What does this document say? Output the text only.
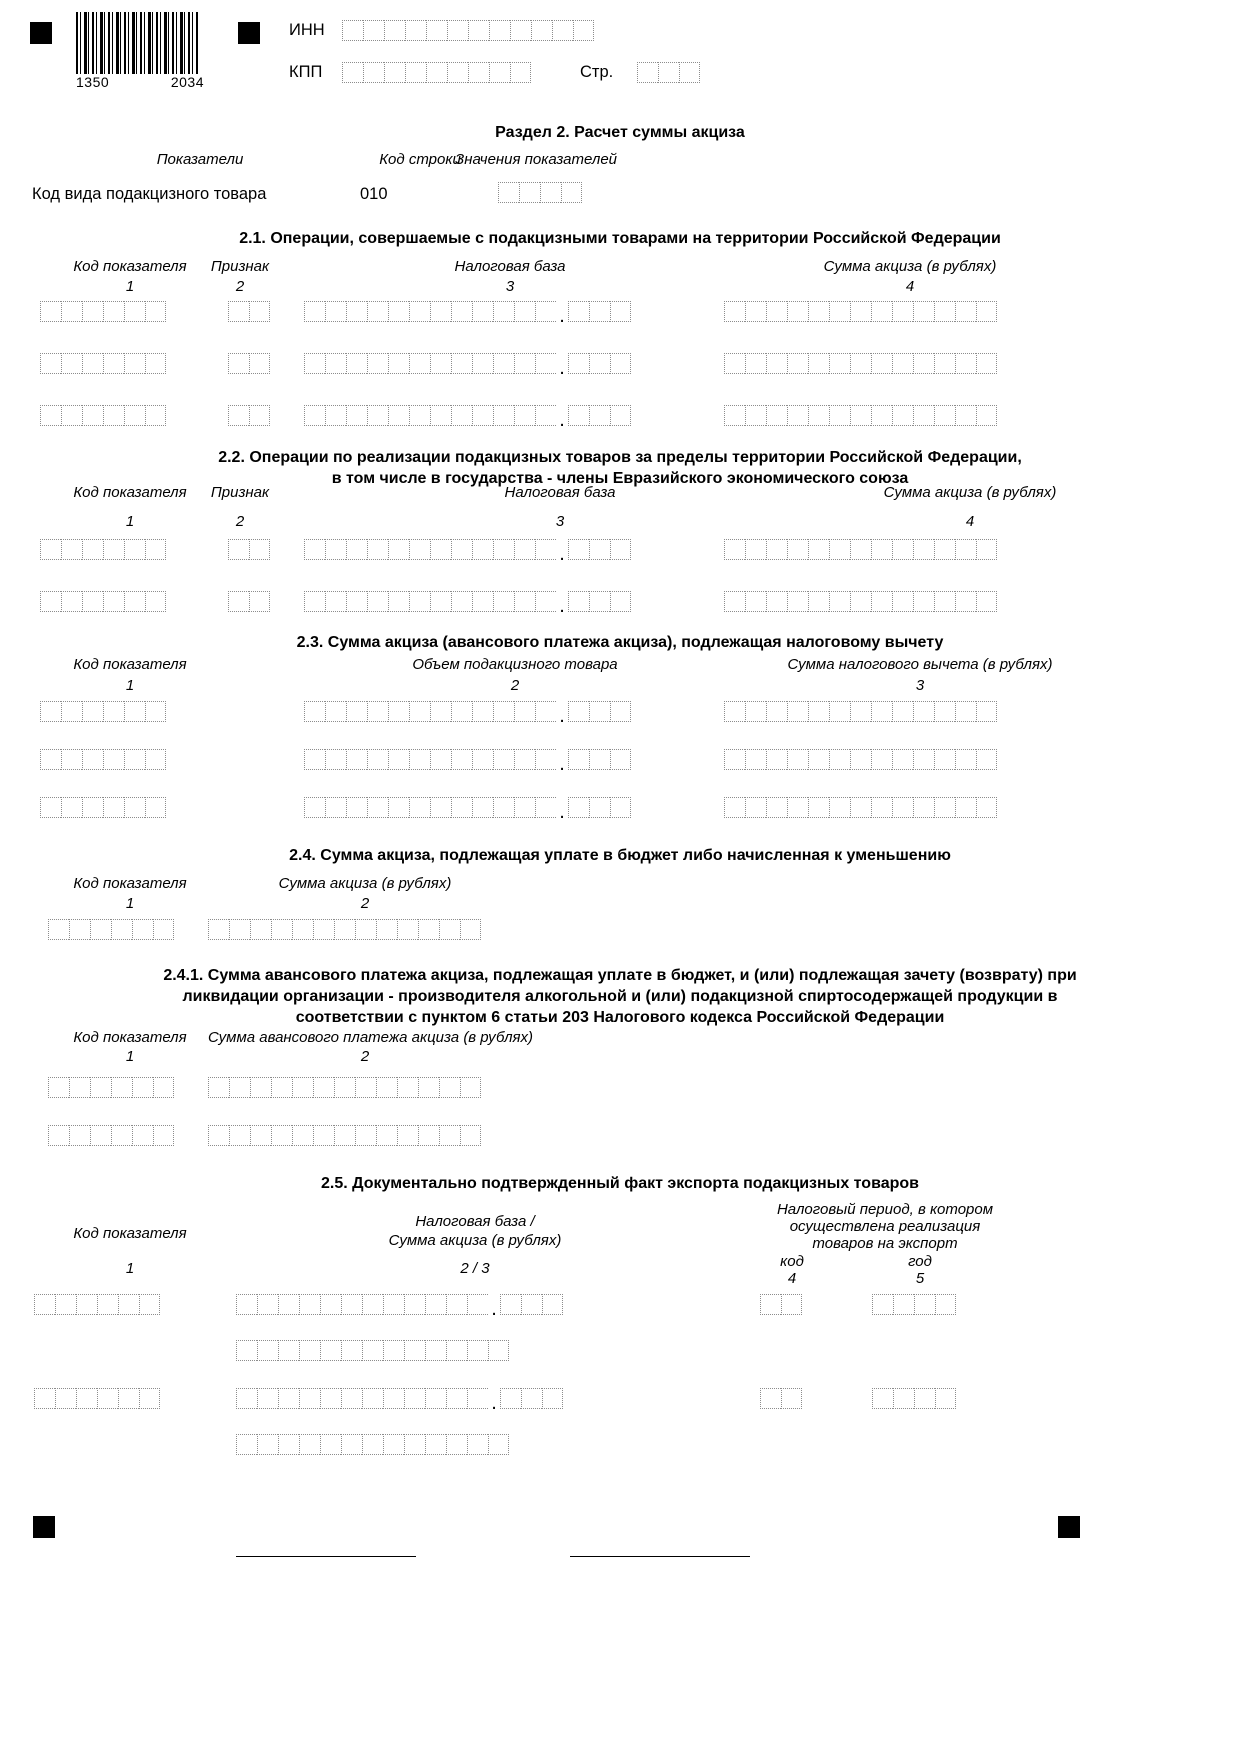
1350	2034
ИНН
КПП	Стр.
Раздел 2. Расчет суммы акциза
Показатели	Код строки
Значения показателей
Код вида подакцизного товара	010
2.1. Операции, совершаемые с подакцизными товарами на территории Российской Федерации
Код показателя	Признак	Налоговая база	Сумма акциза (в рублях)
1	2	3	4
.
.
.
2.2. Операции по реализации подакцизных товаров за пределы территории Российской Федерации,
в том числе в государства - члены Евразийского экономического союза
Код показателя	Признак	Налоговая база	Сумма акциза (в рублях)
1	2	3	4
.
.
2.3. Сумма акциза (авансового платежа акциза), подлежащая налоговому вычету
Код показателя	Объем подакцизного товара	Сумма налогового вычета (в рублях)
1	2	3
.
.
.
2.4. Сумма акциза, подлежащая уплате в бюджет либо начисленная к уменьшению
Код показателя	Сумма акциза (в рублях)
1	2
2.4.1. Сумма авансового платежа акциза, подлежащая уплате в бюджет, и (или) подлежащая зачету (возврату) при
ликвидации организации - производителя алкогольной и (или) подакцизной спиртосодержащей продукции в
соответствии с пунктом 6 статьи 203 Налогового кодекса Российской Федерации
Код показателя	Сумма авансового платежа акциза (в рублях)
1	2
2.5. Документально подтвержденный факт экспорта подакцизных товаров
Налоговый период, в котором
осуществлена реализация
товаров на экспорт
код	год
Код показателя
Налоговая база /
Сумма акциза (в рублях)
1	2 / 3
4	5
.
.
